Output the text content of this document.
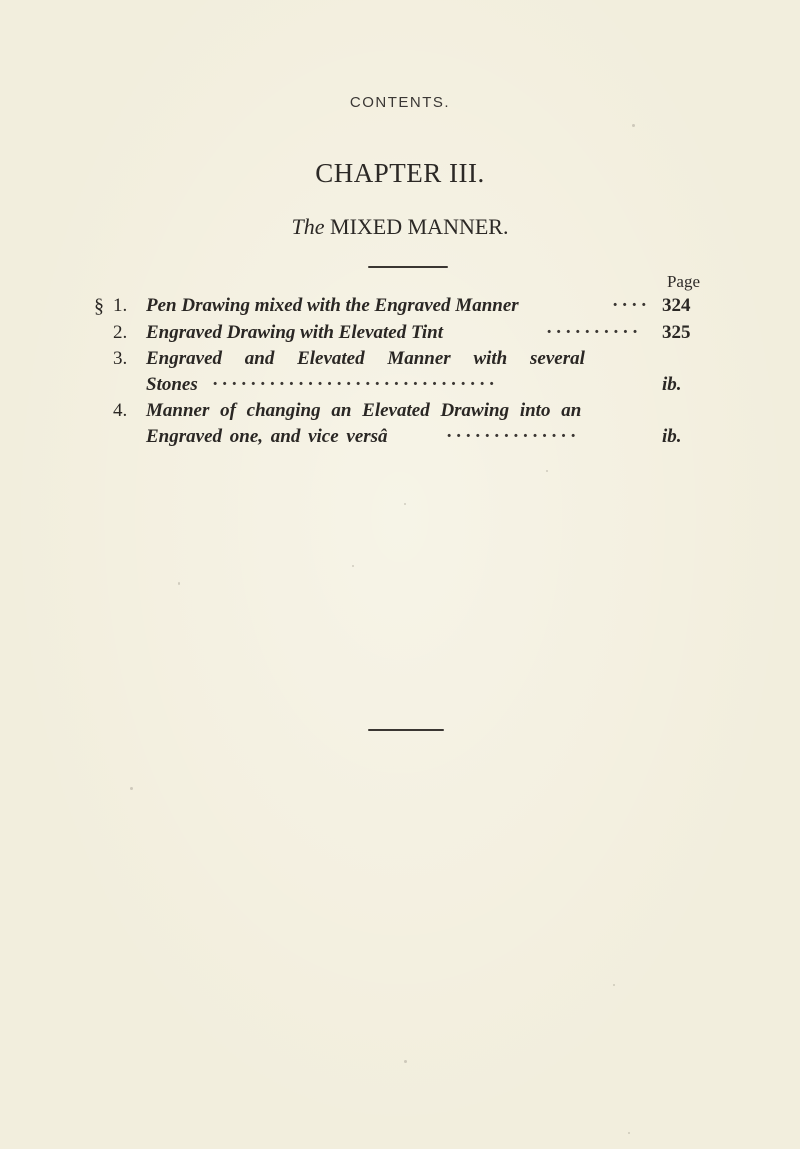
CONTENTS.
CHAPTER III.
The MIXED MANNER.
Page
§ 1. Pen Drawing mixed with the Engraved Manner	···· 324
2. Engraved Drawing with Elevated Tint	··········	325
3. Engraved and Elevated Manner with several
Stones ······························	ib.
4. Manner of changing an Elevated Drawing into an
Engraved one, and vice versâ	··············	ib.
